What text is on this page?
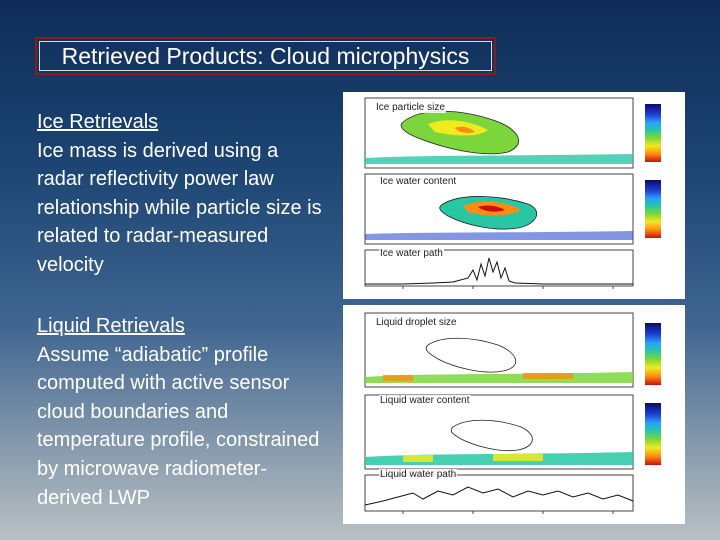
Retrieved Products: Cloud microphysics
Ice Retrievals
Ice mass is derived using a radar reflectivity power law relationship while particle size is related to radar-measured velocity
Liquid Retrievals
Assume “adiabatic” profile computed with active sensor cloud boundaries and temperature profile, constrained by microwave radiometer-derived LWP
Ice particle size
Ice water content
Ice water path
Liquid droplet size
Liquid water content
Liquid water path
